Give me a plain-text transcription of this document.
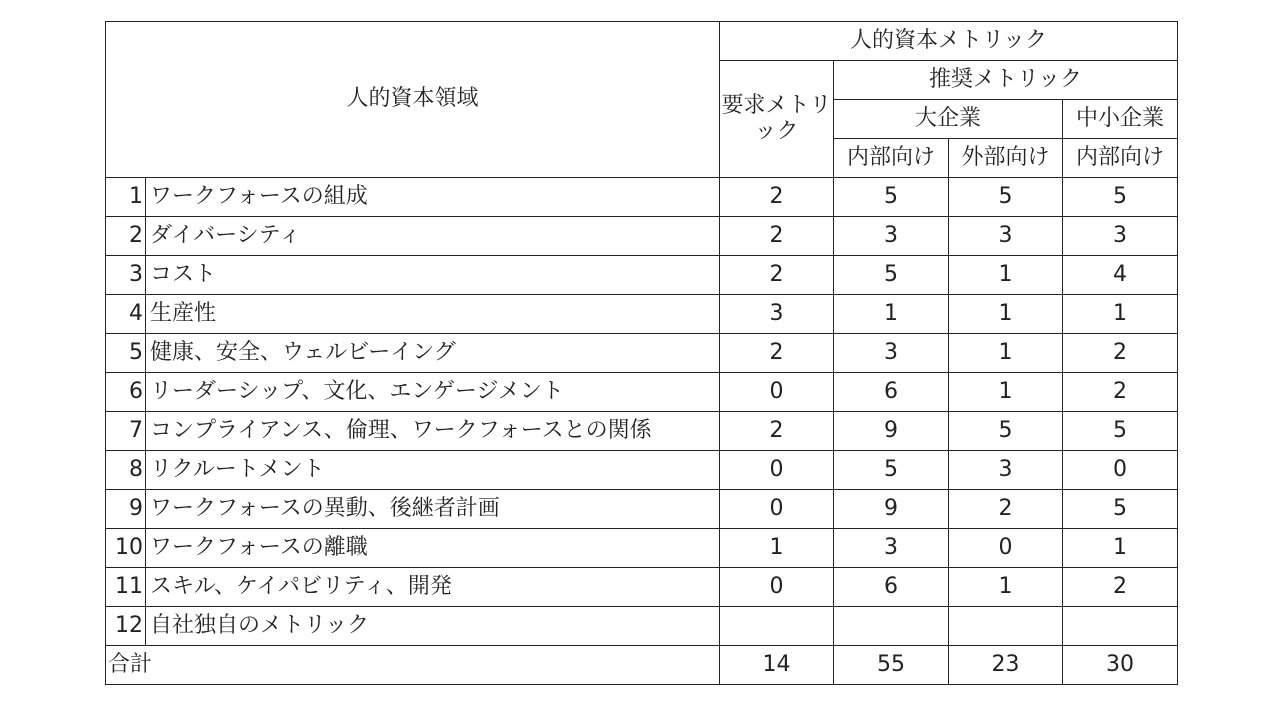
人的資本領域		人的資本メトリック			
		要求メトリック	推奨メトリック		
			大企業		中小企業
			内部向け	外部向け	内部向け
1	ワークフォースの組成	2	5	5	5
2	ダイバーシティ	2	3	3	3
3	コスト	2	5	1	4
4	生産性	3	1	1	1
5	健康、安全、ウェルビーイング	2	3	1	2
6	リーダーシップ、文化、エンゲージメント	0	6	1	2
7	コンプライアンス、倫理、ワークフォースとの関係	2	9	5	5
8	リクルートメント	0	5	3	0
9	ワークフォースの異動、後継者計画	0	9	2	5
10	ワークフォースの離職	1	3	0	1
11	スキル、ケイパビリティ、開発	0	6	1	2
12	自社独自のメトリック				
合計		14	55	23	30
